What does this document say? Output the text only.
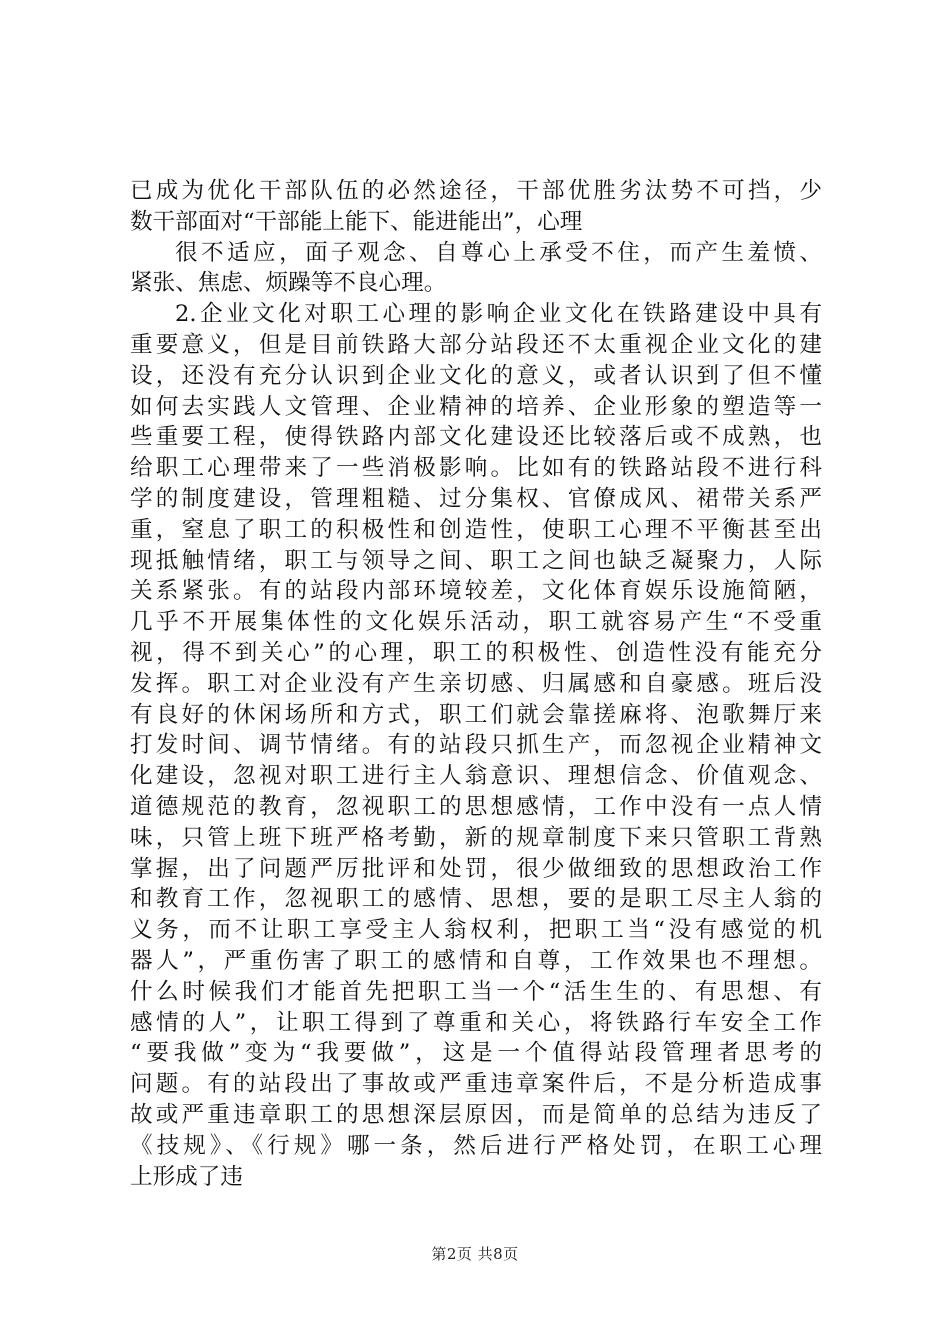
已成为优化干部队伍的必然途径，干部优胜劣汰势不可挡，少
数干部面对“干部能上能下、能进能出”，心理
很不适应，面子观念、自尊心上承受不住，而产生羞愤、
紧张、焦虑、烦躁等不良心理。
2.企业文化对职工心理的影响企业文化在铁路建设中具有
重要意义，但是目前铁路大部分站段还不太重视企业文化的建
设，还没有充分认识到企业文化的意义，或者认识到了但不懂
如何去实践人文管理、企业精神的培养、企业形象的塑造等一
些重要工程，使得铁路内部文化建设还比较落后或不成熟，也
给职工心理带来了一些消极影响。比如有的铁路站段不进行科
学的制度建设，管理粗糙、过分集权、官僚成风、裙带关系严
重，窒息了职工的积极性和创造性，使职工心理不平衡甚至出
现抵触情绪，职工与领导之间、职工之间也缺乏凝聚力，人际
关系紧张。有的站段内部环境较差，文化体育娱乐设施简陋，
几乎不开展集体性的文化娱乐活动，职工就容易产生“不受重
视，得不到关心”的心理，职工的积极性、创造性没有能充分
发挥。职工对企业没有产生亲切感、归属感和自豪感。班后没
有良好的休闲场所和方式，职工们就会靠搓麻将、泡歌舞厅来
打发时间、调节情绪。有的站段只抓生产，而忽视企业精神文
化建设，忽视对职工进行主人翁意识、理想信念、价值观念、
道德规范的教育，忽视职工的思想感情，工作中没有一点人情
味，只管上班下班严格考勤，新的规章制度下来只管职工背熟
掌握，出了问题严厉批评和处罚，很少做细致的思想政治工作
和教育工作，忽视职工的感情、思想，要的是职工尽主人翁的
义务，而不让职工享受主人翁权利，把职工当“没有感觉的机
器人”，严重伤害了职工的感情和自尊，工作效果也不理想。
什么时候我们才能首先把职工当一个“活生生的、有思想、有
感情的人”，让职工得到了尊重和关心，将铁路行车安全工作
“要我做”变为“我要做”，这是一个值得站段管理者思考的
问题。有的站段出了事故或严重违章案件后，不是分析造成事
故或严重违章职工的思想深层原因，而是简单的总结为违反了
《技规》、《行规》哪一条，然后进行严格处罚，在职工心理
上形成了违
第2页 共8页
